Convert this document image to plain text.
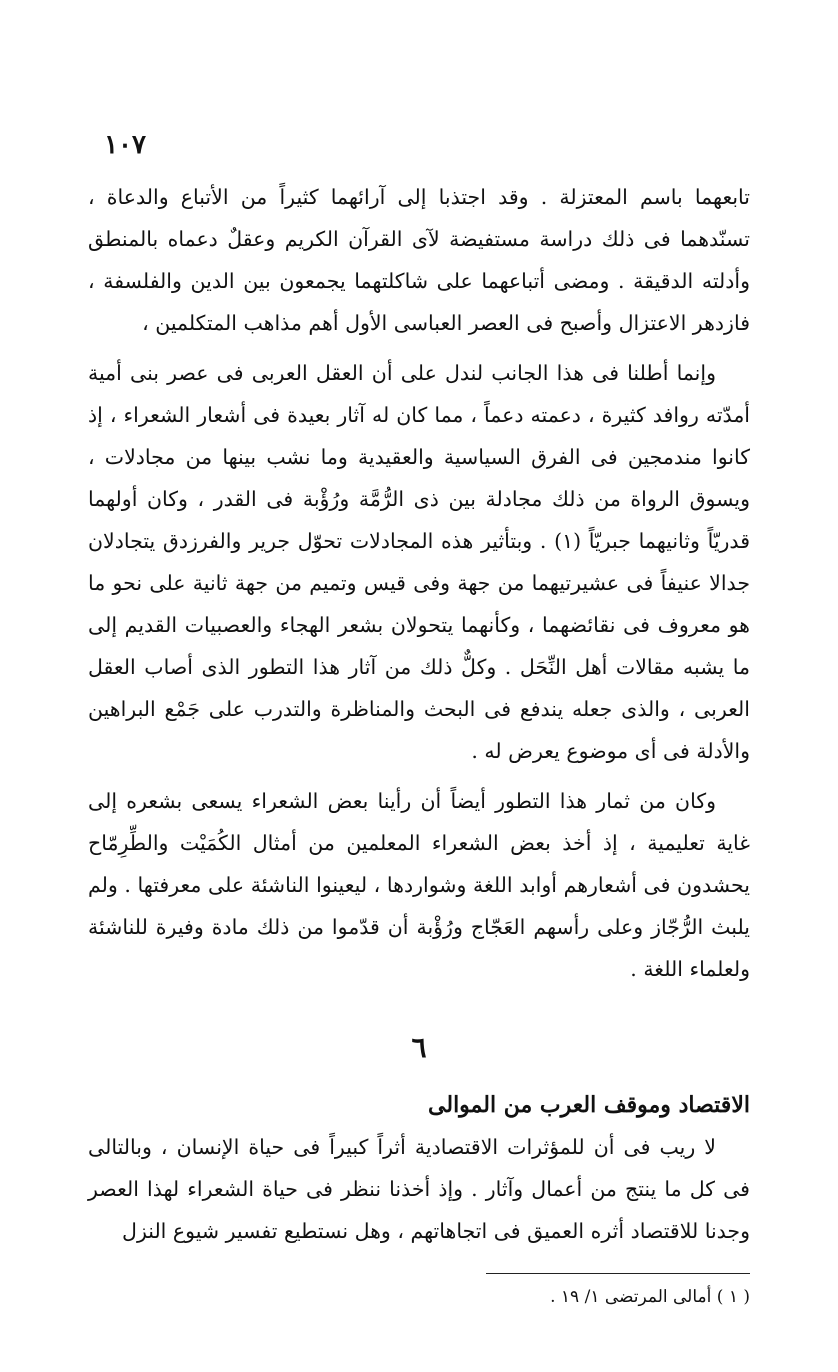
١٠٧

تابعهما باسم المعتزلة . وقد اجتذبا إلى آرائهما كثيراً من الأتباع والدعاة ، تسنّدهما فى ذلك دراسة مستفيضة لآى القرآن الكريم وعقلٌ دعماه بالمنطق وأدلته الدقيقة . ومضى أتباعهما على شاكلتهما يجمعون بين الدين والفلسفة ، فازدهر الاعتزال وأصبح فى العصر العباسى الأول أهم مذاهب المتكلمين ،

وإنما أطلنا فى هذا الجانب لندل على أن العقل العربى فى عصر بنى أمية أمدّته روافد كثيرة ، دعمته دعماً ، مما كان له آثار بعيدة فى أشعار الشعراء ، إذ كانوا مندمجين فى الفرق السياسية والعقيدية وما نشب بينها من مجادلات ، ويسوق الرواة من ذلك مجادلة بين ذى الرُّمَّة ورُؤْبة فى القدر ، وكان أولهما قدريّاً وثانيهما جبريّاً (١) . وبتأثير هذه المجادلات تحوّل جرير والفرزدق يتجادلان جدالا عنيفاً فى عشيرتيهما من جهة وفى قيس وتميم من جهة ثانية على نحو ما هو معروف فى نقائضهما ، وكأنهما يتحولان بشعر الهجاء والعصبيات القديم إلى ما يشبه مقالات أهل النِّحَل . وكلٌّ ذلك من آثار هذا التطور الذى أصاب العقل العربى ، والذى جعله يندفع فى البحث والمناظرة والتدرب على جَمْع البراهين والأدلة فى أى موضوع يعرض له .

وكان من ثمار هذا التطور أيضاً أن رأينا بعض الشعراء يسعى بشعره إلى غاية تعليمية ، إذ أخذ بعض الشعراء المعلمين من أمثال الكُمَيْت والطِّرِمّاح يحشدون فى أشعارهم أوابد اللغة وشواردها ، ليعينوا الناشئة على معرفتها . ولم يلبث الرُّجّاز وعلى رأسهم العَجّاج ورُؤْبة أن قدّموا من ذلك مادة وفيرة للناشئة ولعلماء اللغة .

٦
الاقتصاد وموقف العرب من الموالى

لا ريب فى أن للمؤثرات الاقتصادية أثراً كبيراً فى حياة الإنسان ، وبالتالى فى كل ما ينتج من أعمال وآثار . وإذ أخذنا ننظر فى حياة الشعراء لهذا العصر وجدنا للاقتصاد أثره العميق فى اتجاهاتهم ، وهل نستطيع تفسير شيوع النزل

( ١ ) أمالى المرتضى ١/ ١٩ .
